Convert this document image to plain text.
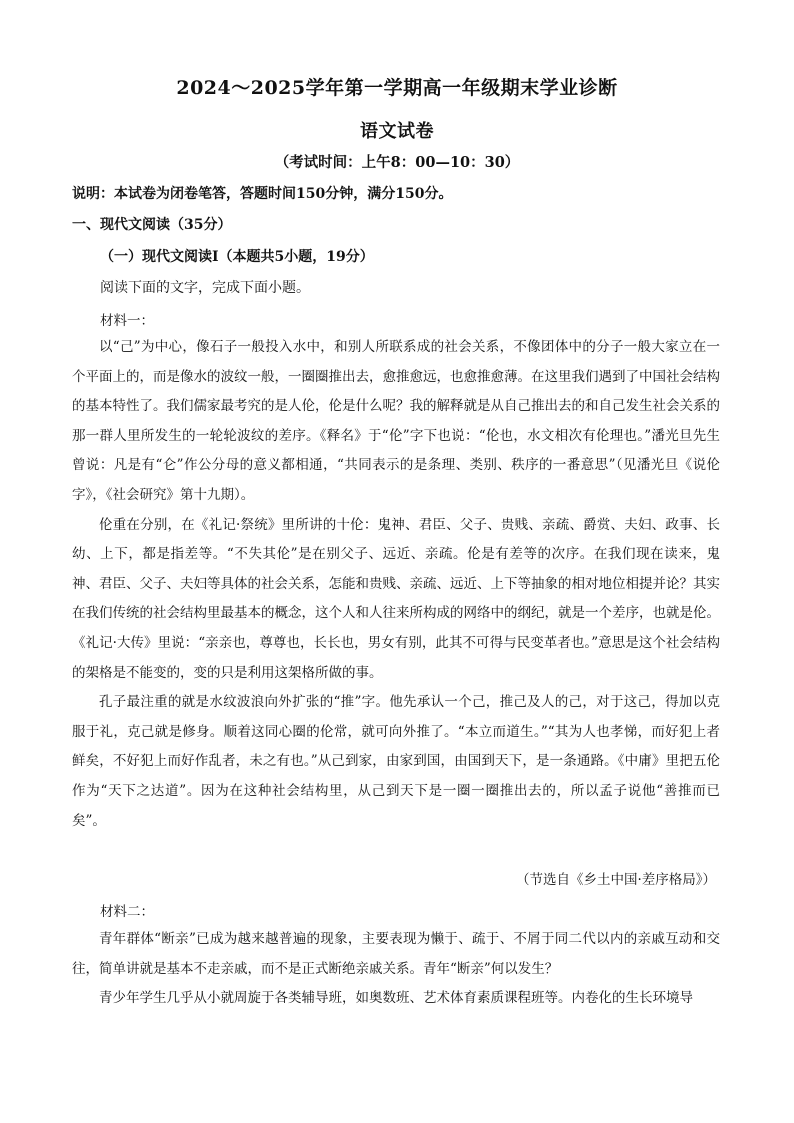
2024～2025学年第一学期高一年级期末学业诊断
语文试卷
（考试时间：上午8：00—10：30）
说明：本试卷为闭卷笔答，答题时间150分钟，满分150分。
一、现代文阅读（35分）
（一）现代文阅读Ⅰ（本题共5小题，19分）
阅读下面的文字，完成下面小题。
材料一：

以“己”为中心，像石子一般投入水中，和别人所联系成的社会关系，不像团体中的分子一般大家立在一个平面上的，而是像水的波纹一般，一圈圈推出去，愈推愈远，也愈推愈薄。在这里我们遇到了中国社会结构的基本特性了。我们儒家最考究的是人伦，伦是什么呢？我的解释就是从自己推出去的和自己发生社会关系的那一群人里所发生的一轮轮波纹的差序。《释名》于“伦”字下也说：“伦也，水文相次有伦理也。”潘光旦先生曾说：凡是有“仑”作公分母的意义都相通，“共同表示的是条理、类别、秩序的一番意思”（见潘光旦《说伦字》，《社会研究》第十九期）。

伦重在分别，在《礼记·祭统》里所讲的十伦：鬼神、君臣、父子、贵贱、亲疏、爵赏、夫妇、政事、长幼、上下，都是指差等。“不失其伦”是在别父子、远近、亲疏。伦是有差等的次序。在我们现在读来，鬼神、君臣、父子、夫妇等具体的社会关系，怎能和贵贱、亲疏、远近、上下等抽象的相对地位相提并论？其实在我们传统的社会结构里最基本的概念，这个人和人往来所构成的网络中的纲纪，就是一个差序，也就是伦。《礼记·大传》里说：“亲亲也，尊尊也，长长也，男女有别，此其不可得与民变革者也。”意思是这个社会结构的架格是不能变的，变的只是利用这架格所做的事。

孔子最注重的就是水纹波浪向外扩张的“推”字。他先承认一个己，推己及人的己，对于这己，得加以克服于礼，克己就是修身。顺着这同心圈的伦常，就可向外推了。“本立而道生。”“其为人也孝悌，而好犯上者鲜矣，不好犯上而好作乱者，未之有也。”从己到家，由家到国，由国到天下，是一条通路。《中庸》里把五伦作为“天下之达道”。因为在这种社会结构里，从己到天下是一圈一圈推出去的，所以孟子说他“善推而已矣”。

（节选自《乡土中国·差序格局》）
材料二：

青年群体“断亲”已成为越来越普遍的现象，主要表现为懒于、疏于、不屑于同二代以内的亲戚互动和交往，简单讲就是基本不走亲戚，而不是正式断绝亲戚关系。青年“断亲”何以发生？

青少年学生几乎从小就周旋于各类辅导班，如奥数班、艺术体育素质课程班等。内卷化的生长环境导
